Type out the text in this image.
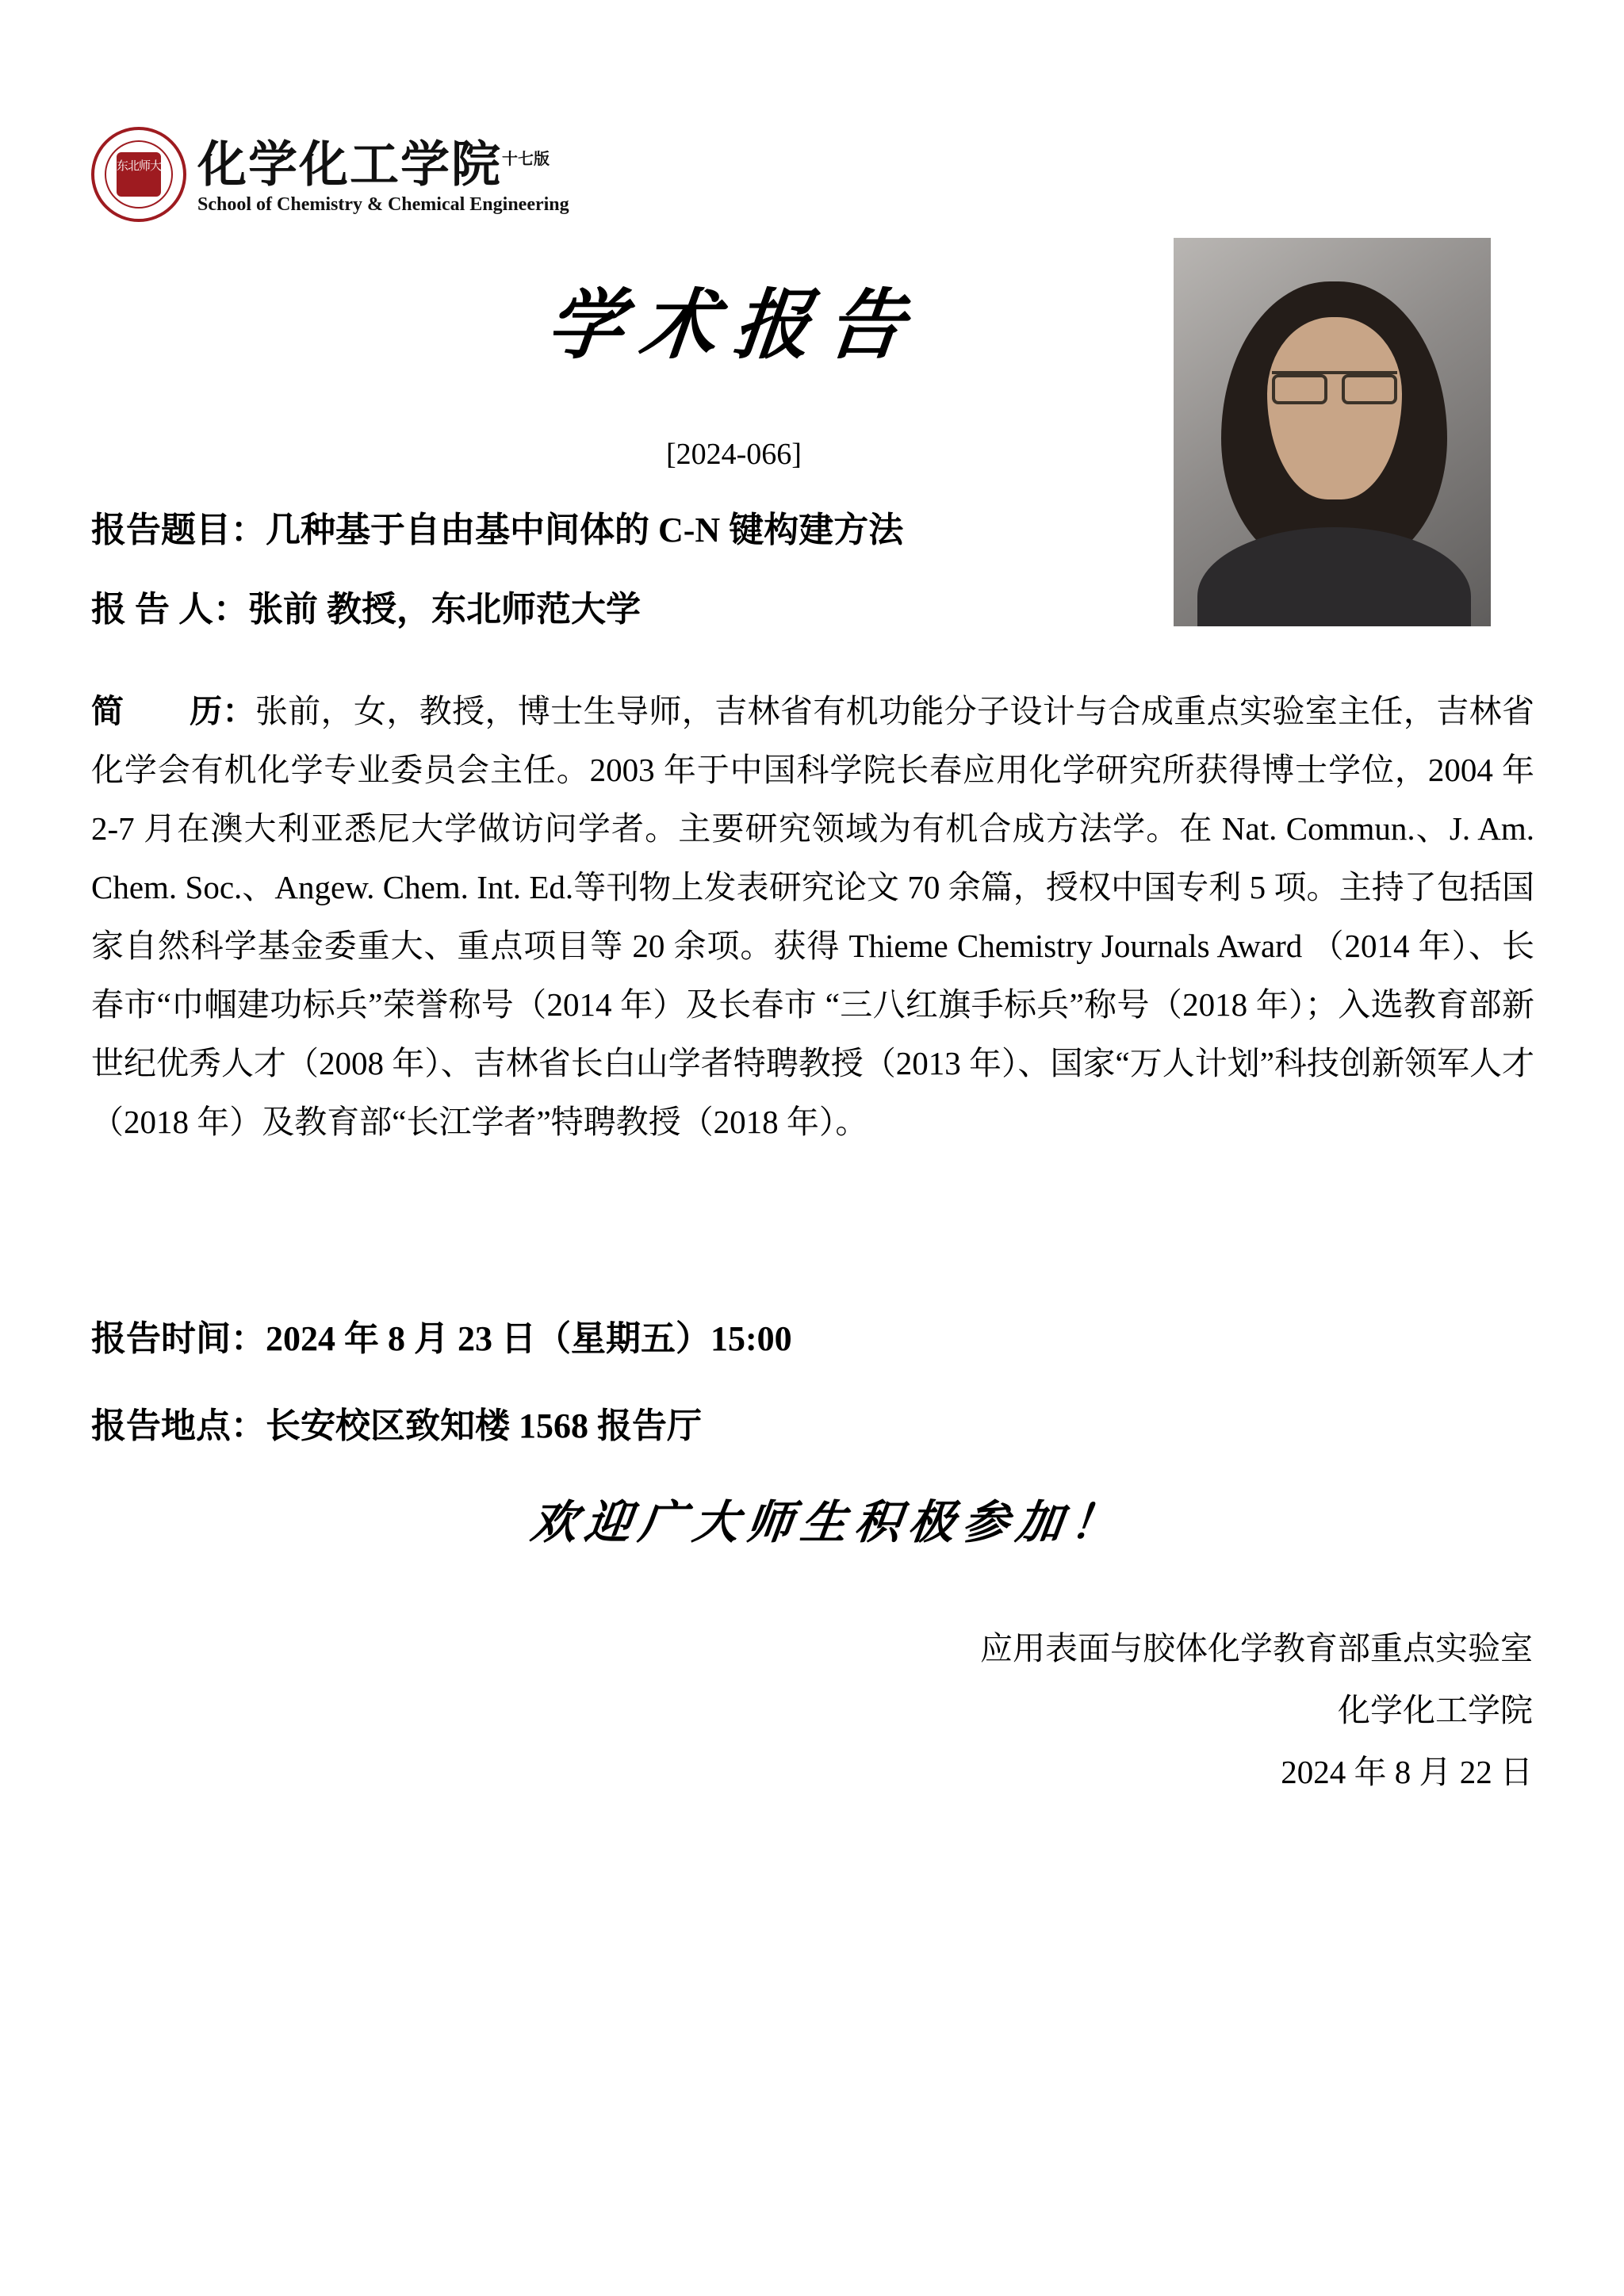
东北师大 化学化工学院$^{十七版}$
School of Chemistry & Chemical Engineering
学术报告
[2024-066]
报告题目：几种基于自由基中间体的 C-N 键构建方法
报 告 人：张前 教授，东北师范大学
简　　历：张前，女，教授，博士生导师，吉林省有机功能分子设计与合成重点实验室主任，吉林省化学会有机化学专业委员会主任。2003 年于中国科学院长春应用化学研究所获得博士学位，2004 年 2-7 月在澳大利亚悉尼大学做访问学者。主要研究领域为有机合成方法学。在 Nat. Commun.、J. Am. Chem. Soc.、Angew. Chem. Int. Ed.等刊物上发表研究论文 70 余篇，授权中国专利 5 项。主持了包括国家自然科学基金委重大、重点项目等 20 余项。获得 Thieme Chemistry Journals Award （2014 年）、长春市“巾帼建功标兵”荣誉称号（2014 年）及长春市 “三八红旗手标兵”称号（2018 年）；入选教育部新世纪优秀人才（2008 年）、吉林省长白山学者特聘教授（2013 年）、国家“万人计划”科技创新领军人才（2018 年）及教育部“长江学者”特聘教授（2018 年）。
报告时间：2024 年 8 月 23 日（星期五）15:00
报告地点：长安校区致知楼 1568 报告厅
欢迎广大师生积极参加！
应用表面与胶体化学教育部重点实验室
化学化工学院
2024 年 8 月 22 日
